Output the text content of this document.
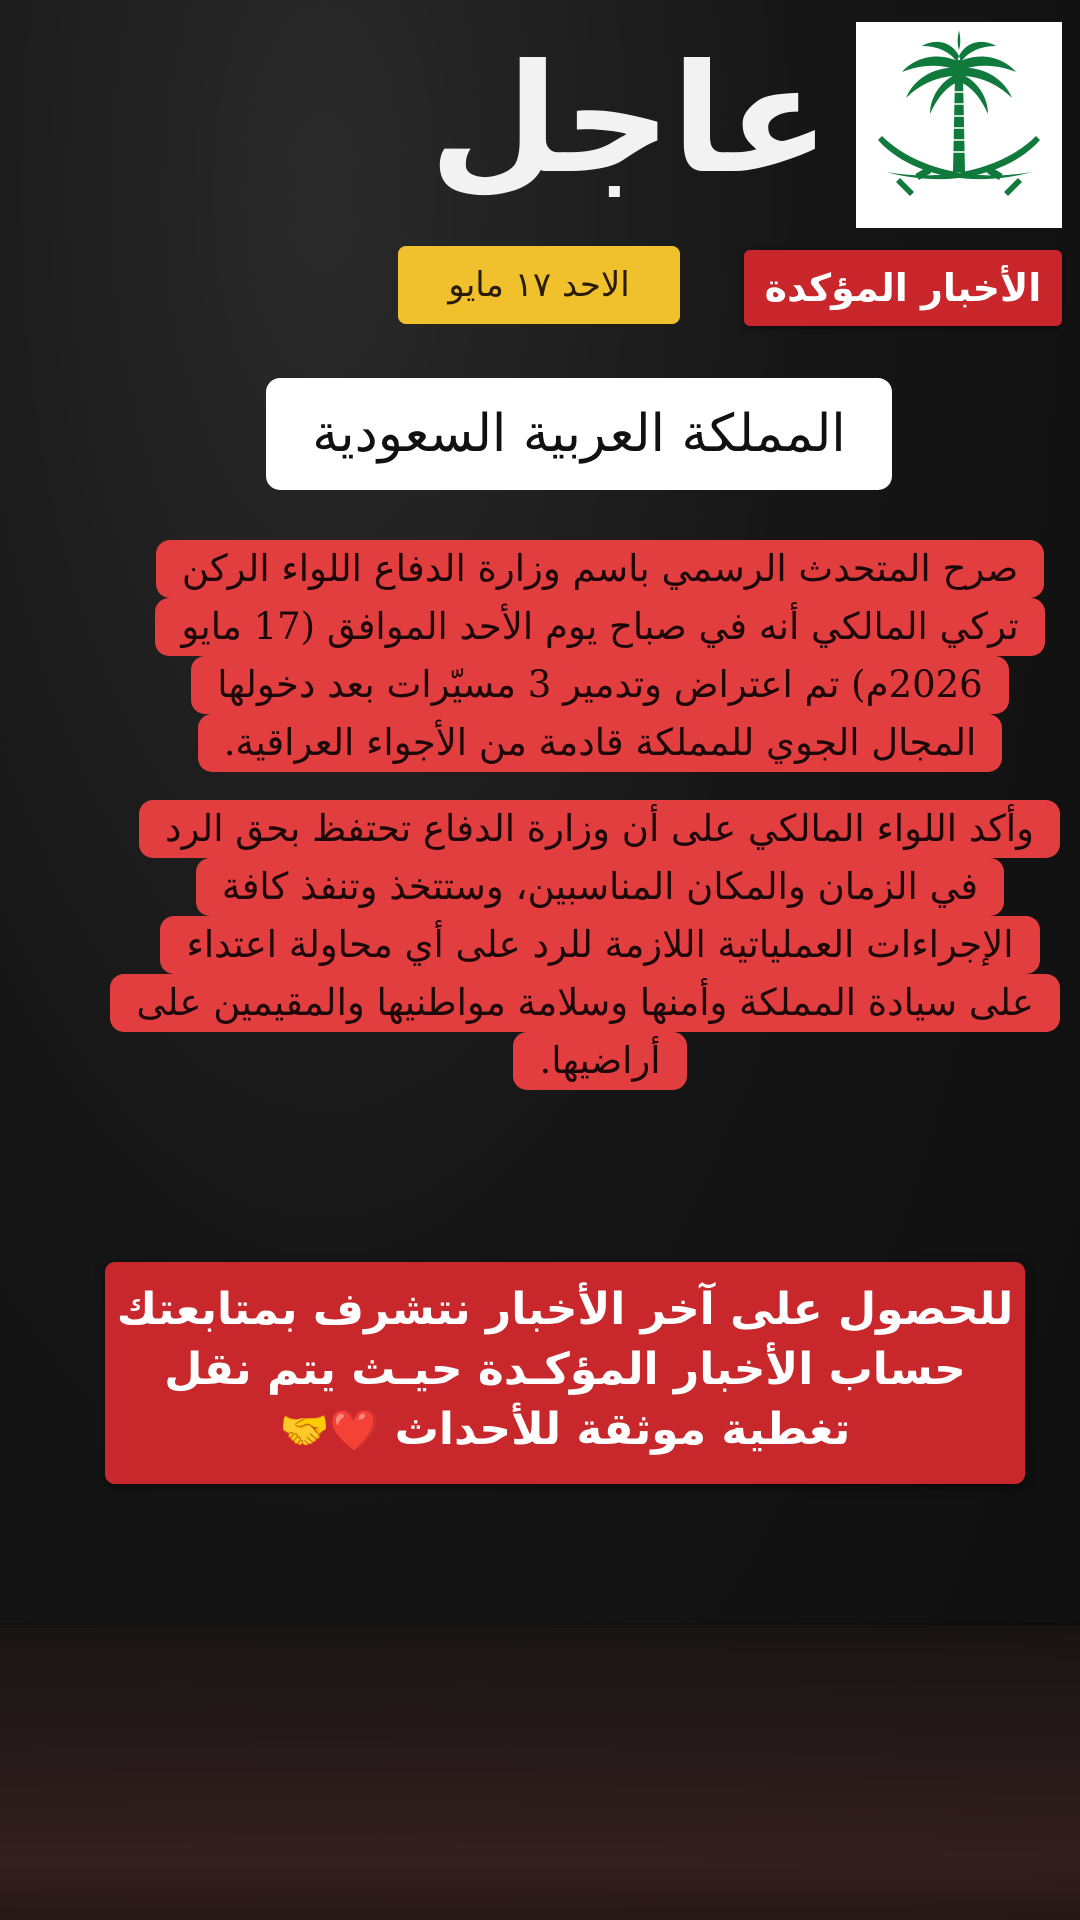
عاجل
الأخبار المؤكدة
الاحد ١٧ مايو
المملكة العربية السعودية
صرح المتحدث الرسمي باسم وزارة الدفاع اللواء الركن
تركي المالكي أنه في صباح يوم الأحد الموافق (17 مايو
2026م) تم اعتراض وتدمير 3 مسيّرات بعد دخولها
المجال الجوي للمملكة قادمة من الأجواء العراقية.
وأكد اللواء المالكي على أن وزارة الدفاع تحتفظ بحق الرد
في الزمان والمكان المناسبين، وستتخذ وتنفذ كافة
الإجراءات العملياتية اللازمة للرد على أي محاولة اعتداء
على سيادة المملكة وأمنها وسلامة مواطنيها والمقيمين على
أراضيها.
للحصول على آخر الأخبار نتشرف بمتابعتك
حساب الأخبار المؤكـدة حيـث يتم نقل
تغطية موثقة للأحداث ❤️🤝
